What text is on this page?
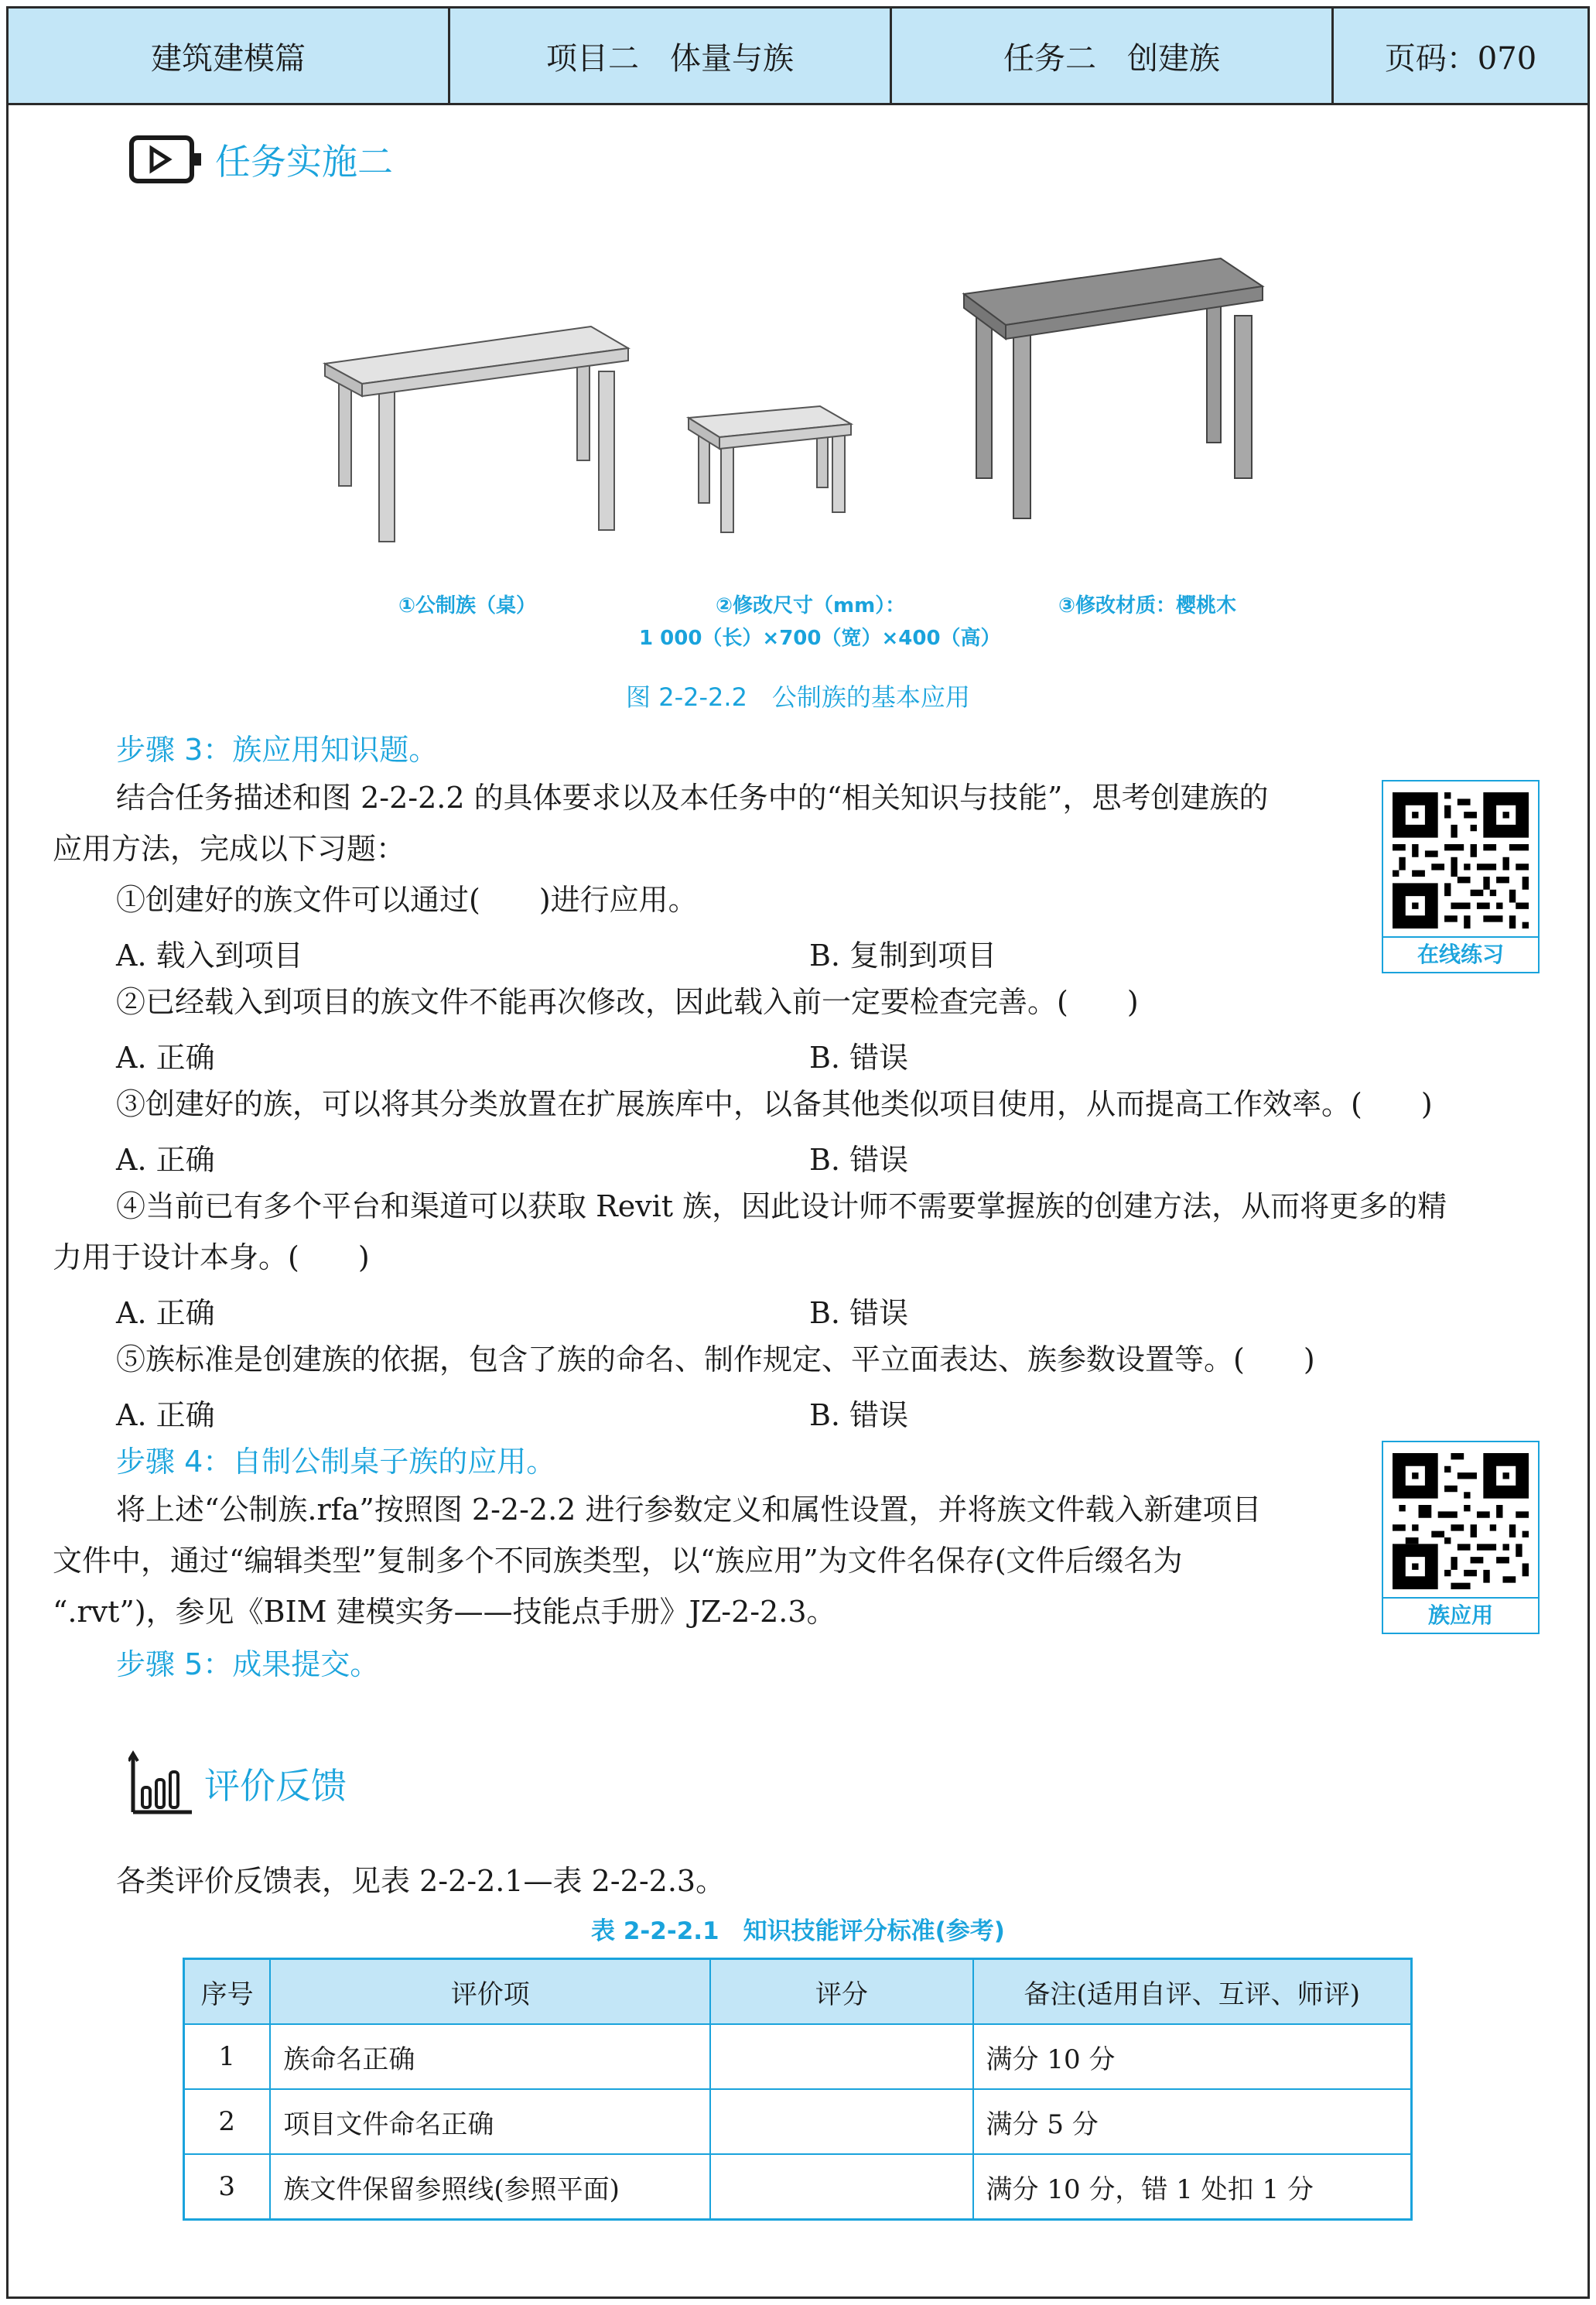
建筑建模篇	项目二　体量与族	任务二　创建族	页码：070
任务实施二
①公制族（桌）	②修改尺寸（mm）：
1 000（长）×700（宽）×400（高）
③修改材质：樱桃木
图 2-2-2.2　公制族的基本应用
步骤 3：族应用知识题。
结合任务描述和图 2-2-2.2 的具体要求以及本任务中的“相关知识与技能”，思考创建族的
应用方法，完成以下习题：
①创建好的族文件可以通过(　　)进行应用。
A. 载入到项目	B. 复制到项目
②已经载入到项目的族文件不能再次修改，因此载入前一定要检查完善。(　　)
A. 正确	B. 错误
③创建好的族，可以将其分类放置在扩展族库中，以备其他类似项目使用，从而提高工作效率。(　　)
A. 正确	B. 错误
④当前已有多个平台和渠道可以获取 Revit 族，因此设计师不需要掌握族的创建方法，从而将更多的精
力用于设计本身。(　　)
A. 正确	B. 错误
⑤族标准是创建族的依据，包含了族的命名、制作规定、平立面表达、族参数设置等。(　　)
A. 正确	B. 错误
在线练习
步骤 4：自制公制桌子族的应用。
将上述“公制族.rfa”按照图 2-2-2.2 进行参数定义和属性设置，并将族文件载入新建项目
文件中，通过“编辑类型”复制多个不同族类型，以“族应用”为文件名保存(文件后缀名为
“.rvt”)，参见《BIM 建模实务——技能点手册》JZ-2-2.3。	族应用
步骤 5：成果提交。
评价反馈
各类评价反馈表，见表 2-2-2.1—表 2-2-2.3。
表 2-2-2.1　知识技能评分标准(参考)
序号	评价项	评分	备注(适用自评、互评、师评)
1	族命名正确		满分 10 分
2	项目文件命名正确		满分 5 分
3	族文件保留参照线(参照平面)		满分 10 分，错 1 处扣 1 分
